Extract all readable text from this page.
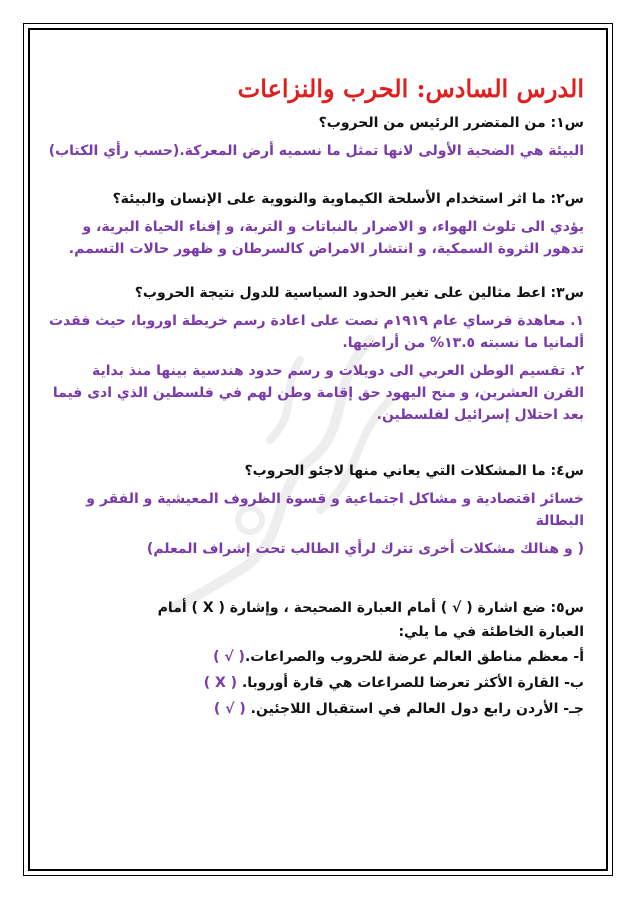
الدرس السادس: الحرب والنزاعات

س١: من المتضرر الرئيس من الحروب؟

البيئة هي الضحية الأولى لانها تمثل ما نسميه أرض المعركة.(حسب رأي الكتاب)

س٢: ما اثر استخدام الأسلحة الكيماوية والنووية على الإنسان والبيئة؟

يؤدي الى تلوث الهواء، و الاضرار بالنباتات و التربة، و إفناء الحياة البرية، و تدهور الثروة السمكية، و انتشار الامراض كالسرطان و ظهور حالات التسمم.

س٣: اعط مثالين على تغير الحدود السياسية للدول نتيجة الحروب؟

١. معاهدة فرساي عام ١٩١٩م نصت على اعادة رسم خريطة اوروبا، حيث فقدت ألمانيا ما نسبته ١٣.٥% من أراضيها.

٢. تقسيم الوطن العربي الى دويلات و رسم حدود هندسية بينها منذ بداية القرن العشرين، و منح اليهود حق إقامة وطن لهم في فلسطين الذي ادى فيما بعد احتلال إسرائيل لفلسطين.

س٤: ما المشكلات التي يعاني منها لاجئو الحروب؟

خسائر اقتصادية و مشاكل اجتماعية و قسوة الظروف المعيشية و الفقر و البطالة

( و هنالك مشكلات أخرى تترك لرأي الطالب تحت إشراف المعلم)

س٥: ضع اشارة ( √ ) أمام العبارة الصحيحة ، وإشارة ( X ) أمام

العبارة الخاطئة في ما يلي:

أ- معظم مناطق العالم عرضة للحروب والصراعات.( √ )

ب- القارة الأكثر تعرضا للصراعات هي قارة أوروبا. ( X )

جـ- الأردن رابع دول العالم في استقبال اللاجئين. ( √ )
